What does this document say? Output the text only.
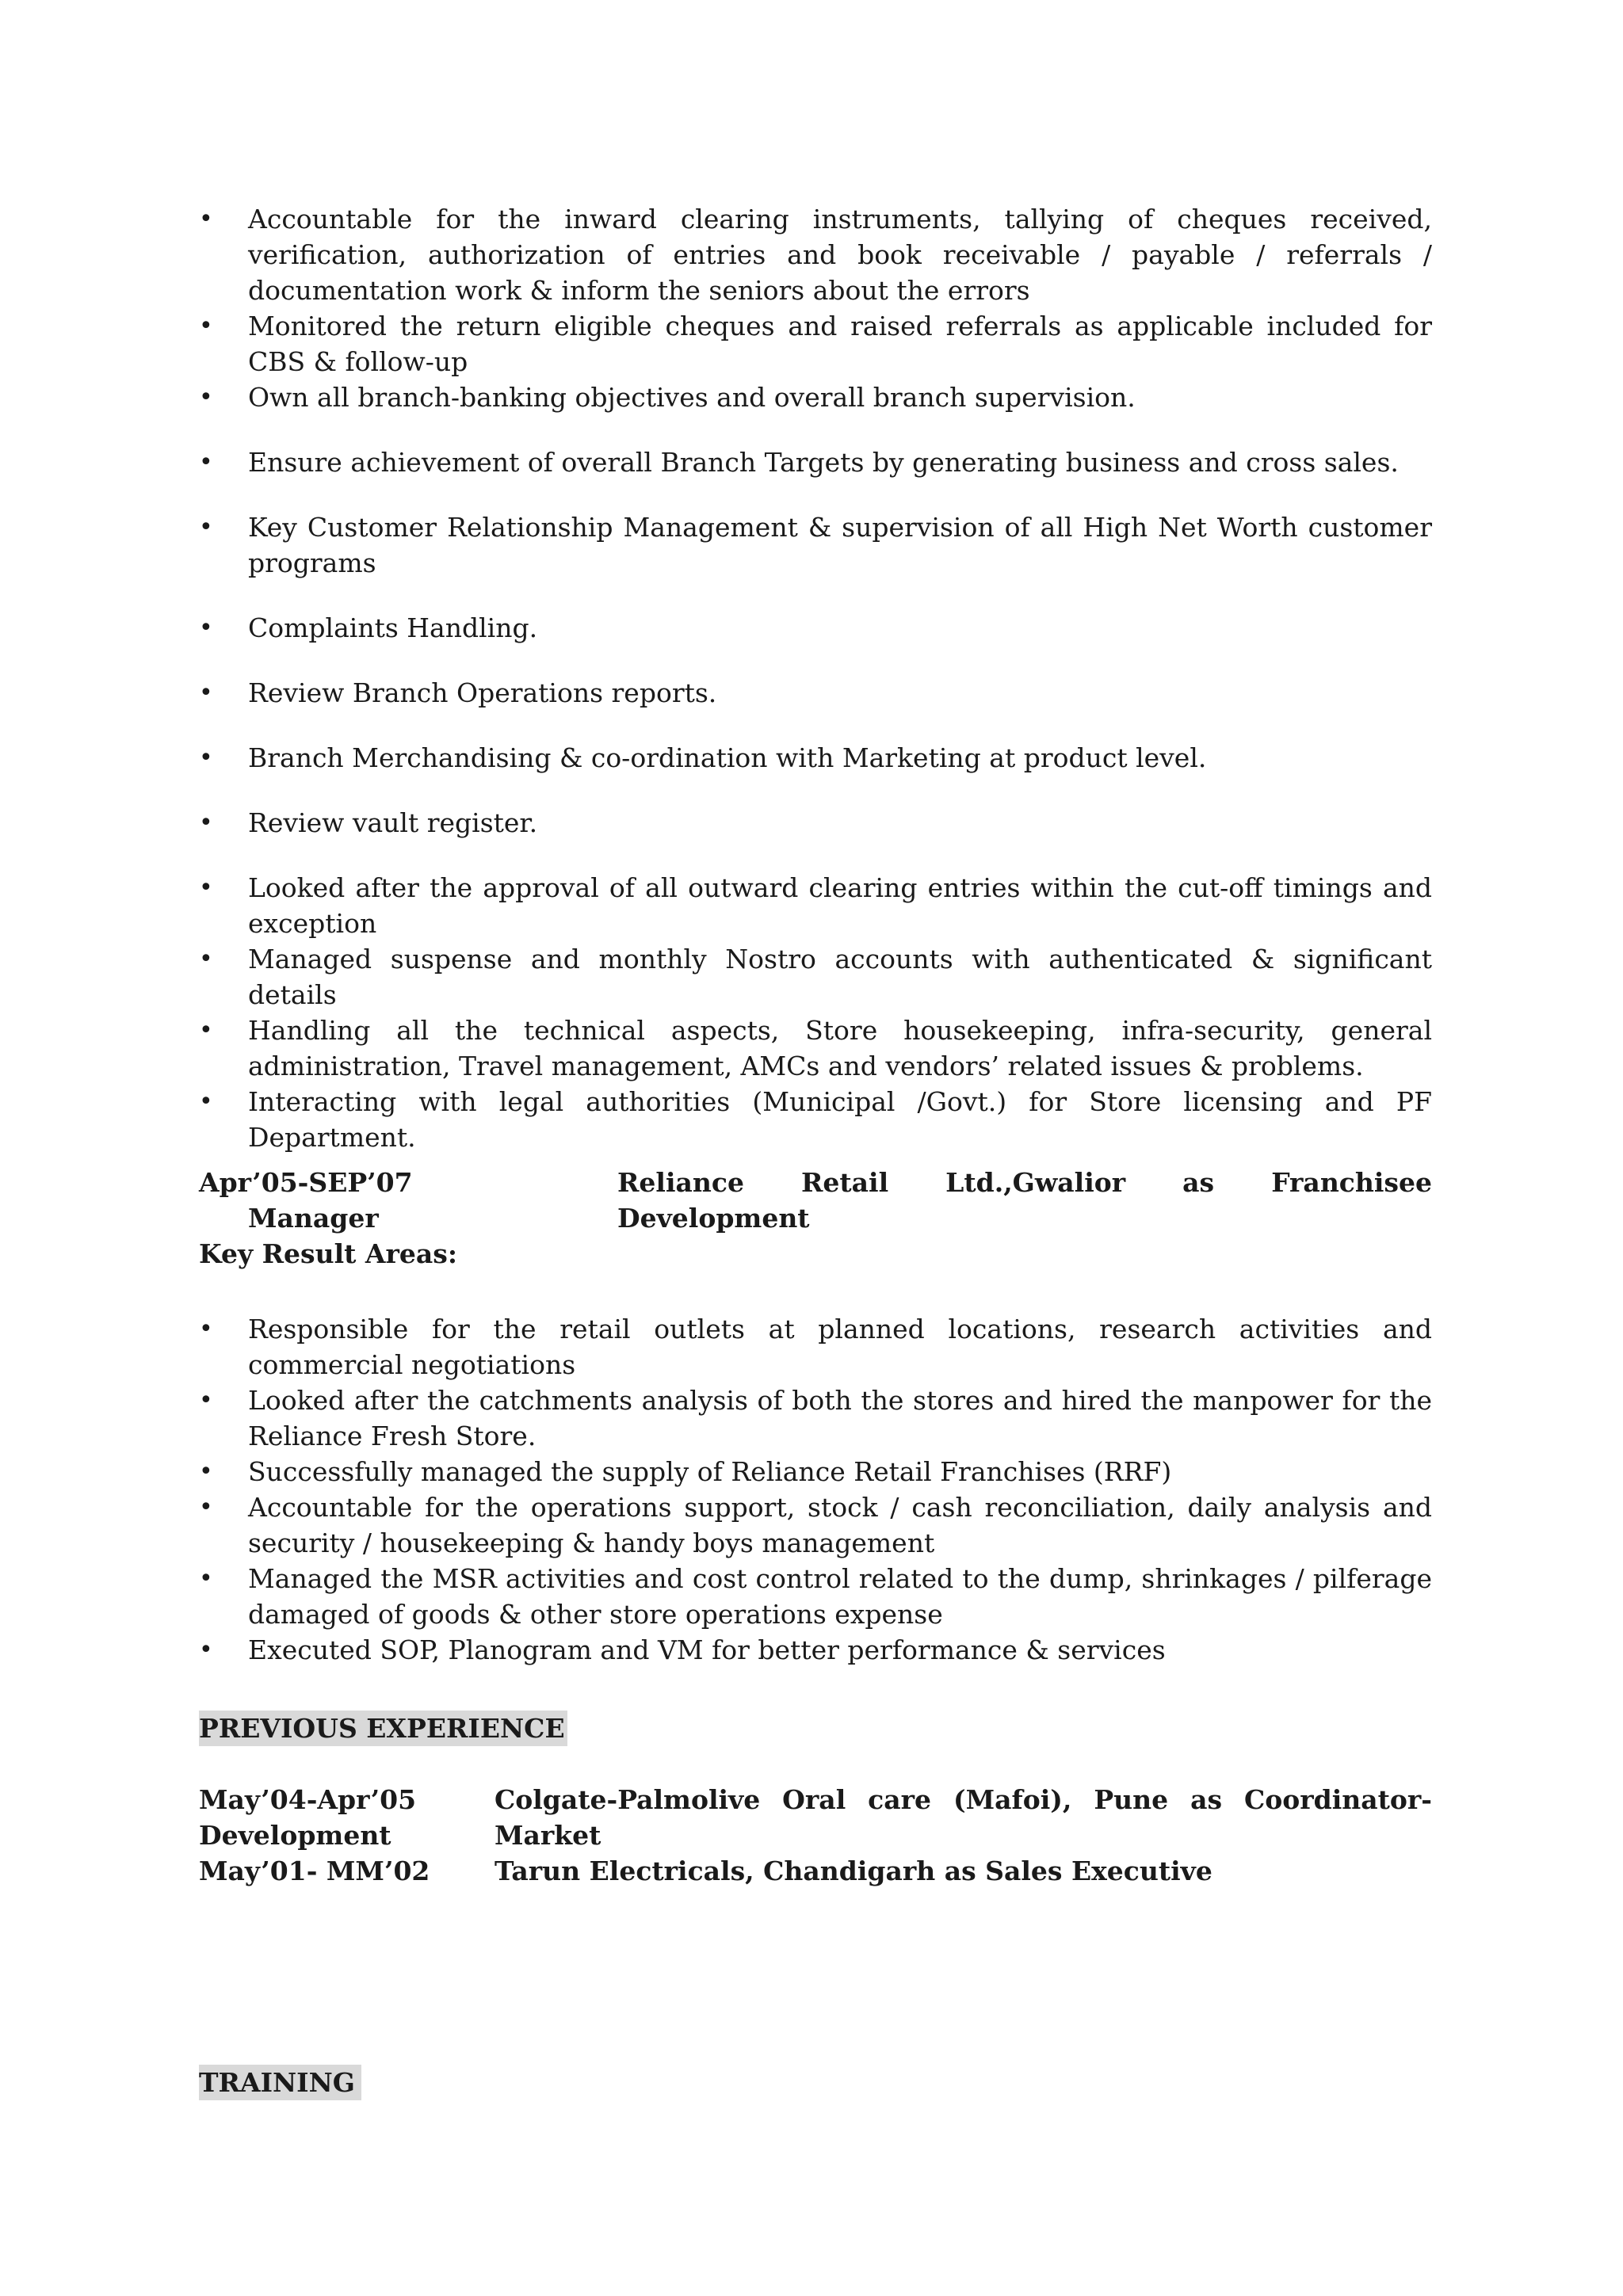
• Accountable for the inward clearing instruments, tallying of cheques received, verification, authorization of entries and book receivable / payable / referrals / documentation work & inform the seniors about the errors
• Monitored the return eligible cheques and raised referrals as applicable included for CBS & follow-up
• Own all branch-banking objectives and overall branch supervision.
• Ensure achievement of overall Branch Targets by generating business and cross sales.
• Key Customer Relationship Management & supervision of all High Net Worth customer programs
• Complaints Handling.
• Review Branch Operations reports.
• Branch Merchandising & co-ordination with Marketing at product level.
• Review vault register.
• Looked after the approval of all outward clearing entries within the cut-off timings and exception
• Managed suspense and monthly Nostro accounts with authenticated & significant details
• Handling all the technical aspects, Store housekeeping, infra-security, general administration, Travel management, AMCs and vendors’ related issues & problems.
• Interacting with legal authorities (Municipal /Govt.) for Store licensing and PF Department.
Apr’05-SEP’07	Reliance Retail Ltd.,Gwalior as Franchisee Development
Manager
Key Result Areas:
• Responsible for the retail outlets at planned locations, research activities and commercial negotiations
• Looked after the catchments analysis of both the stores and hired the manpower for the Reliance Fresh Store.
• Successfully managed the supply of Reliance Retail Franchises (RRF)
• Accountable for the operations support, stock / cash reconciliation, daily analysis and security / housekeeping & handy boys management
• Managed the MSR activities and cost control related to the dump, shrinkages / pilferage damaged of goods & other store operations expense
• Executed SOP, Planogram and VM for better performance & services
PREVIOUS EXPERIENCE
May’04-Apr’05	Colgate-Palmolive Oral care (Mafoi), Pune as Coordinator-Market
Development
May’01- MM’02 Tarun Electricals, Chandigarh as Sales Executive
TRAINING
